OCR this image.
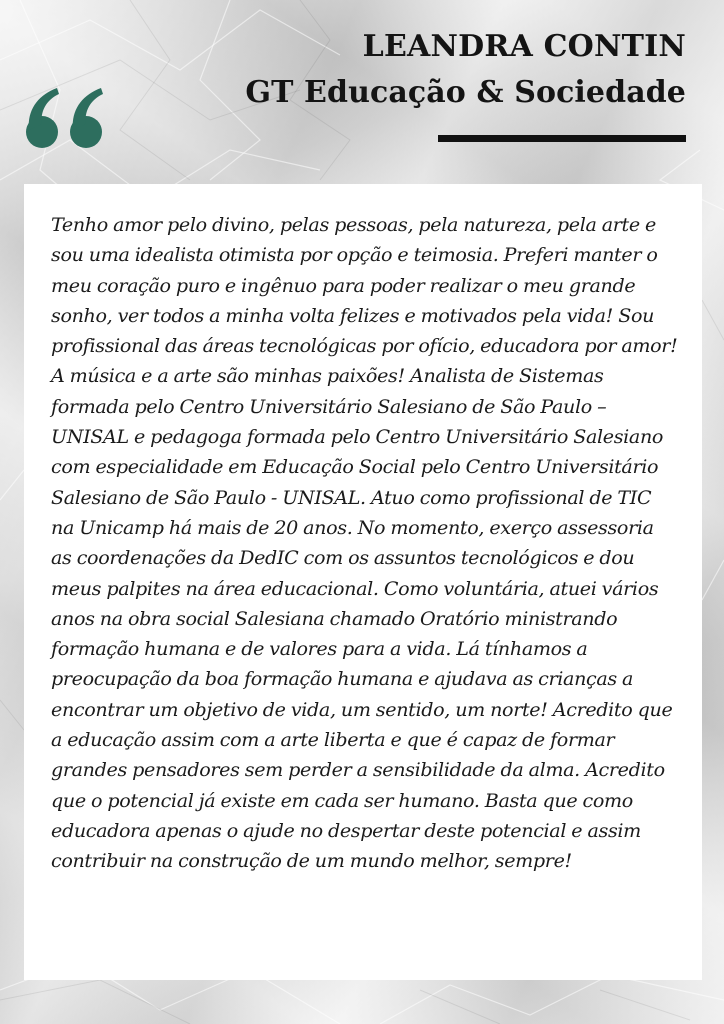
LEANDRA CONTIN
GT Educação & Sociedade

Tenho amor pelo divino, pelas pessoas, pela natureza, pela arte e sou uma idealista otimista por opção e teimosia. Preferi manter o meu coração puro e ingênuo para poder realizar o meu grande sonho, ver todos a minha volta felizes e motivados pela vida! Sou profissional das áreas tecnológicas por ofício, educadora por amor! A música e a arte são minhas paixões! Analista de Sistemas formada pelo Centro Universitário Salesiano de São Paulo – UNISAL e pedagoga formada pelo Centro Universitário Salesiano com especialidade em Educação Social pelo Centro Universitário Salesiano de São Paulo - UNISAL. Atuo como profissional de TIC na Unicamp há mais de 20 anos. No momento, exerço assessoria as coordenações da DedIC com os assuntos tecnológicos e dou meus palpites na área educacional. Como voluntária, atuei vários anos na obra social Salesiana chamado Oratório ministrando formação humana e de valores para a vida. Lá tínhamos a preocupação da boa formação humana e ajudava as crianças a encontrar um objetivo de vida, um sentido, um norte! Acredito que a educação assim com a arte liberta e que é capaz de formar grandes pensadores sem perder a sensibilidade da alma. Acredito que o potencial já existe em cada ser humano. Basta que como educadora apenas o ajude no despertar deste potencial e assim contribuir na construção de um mundo melhor, sempre!
